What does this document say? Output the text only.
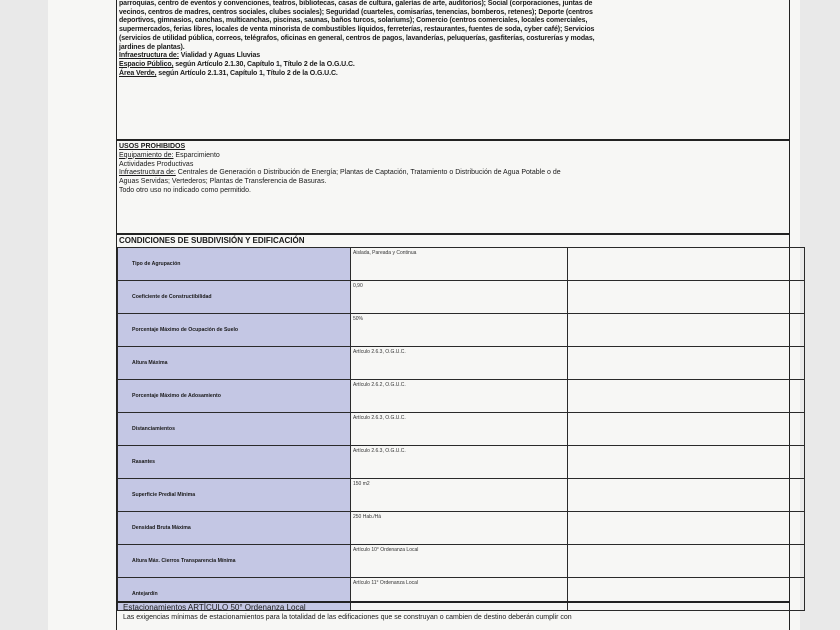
parroquias, centro de eventos y convenciones, teatros, bibliotecas, casas de cultura, galerías de arte, auditorios); Social (corporaciones, juntas de

vecinos, centros de madres, centros sociales, clubes sociales); Seguridad (cuarteles, comisarías, tenencias, bomberos, retenes); Deporte (centros

deportivos, gimnasios, canchas, multicanchas, piscinas, saunas, baños turcos, solariums); Comercio (centros comerciales, locales comerciales,

supermercados, ferias libres, locales de venta minorista de combustibles líquidos, ferreterías, restaurantes, fuentes de soda, cyber café); Servicios

(servicios de utilidad pública, correos, telégrafos, oficinas en general, centros de pagos, lavanderías, peluquerías, gasfiterías, costurerías y modas,

jardines de plantas).

Infraestructura de: Vialidad y Aguas Lluvias

Espacio Público, según Artículo 2.1.30, Capítulo 1, Título 2 de la O.G.U.C.

Área Verde, según Artículo 2.1.31, Capítulo 1, Título 2 de la O.G.U.C.

USOS PROHIBIDOS

Equipamiento de: Esparcimiento

Actividades Productivas

Infraestructura de: Centrales de Generación o Distribución de Energía; Plantas de Captación, Tratamiento o Distribución de Agua Potable o de

Aguas Servidas; Vertederos; Plantas de Transferencia de Basuras.

Todo otro uso no indicado como permitido.

CONDICIONES DE SUBDIVISIÓN Y EDIFICACIÓN
Tipo de Agrupación	Aislada, Pareada y Continua	
Coeficiente de Constructibilidad	0,90	
Porcentaje Máximo de Ocupación de Suelo	50%	
Altura Máxima	Artículo 2.6.3, O.G.U.C.	
Porcentaje Máximo de Adosamiento	Artículo 2.6.2, O.G.U.C.	
Distanciamientos	Artículo 2.6.3, O.G.U.C.	
Rasantes	Artículo 2.6.3, O.G.U.C.	
Superficie Predial Mínima	150 m2	
Densidad Bruta Máxima	250 Hab./Há	
Altura Máx. Cierros Transparencia Mínima	Artículo 10° Ordenanza Local	
Antejardín	Artículo 11° Ordenanza Local	

Estacionamientos ARTÍCULO 50° Ordenanza Local

Las exigencias mínimas de estacionamientos para la totalidad de las edificaciones que se construyan o cambien de destino deberán cumplir con
